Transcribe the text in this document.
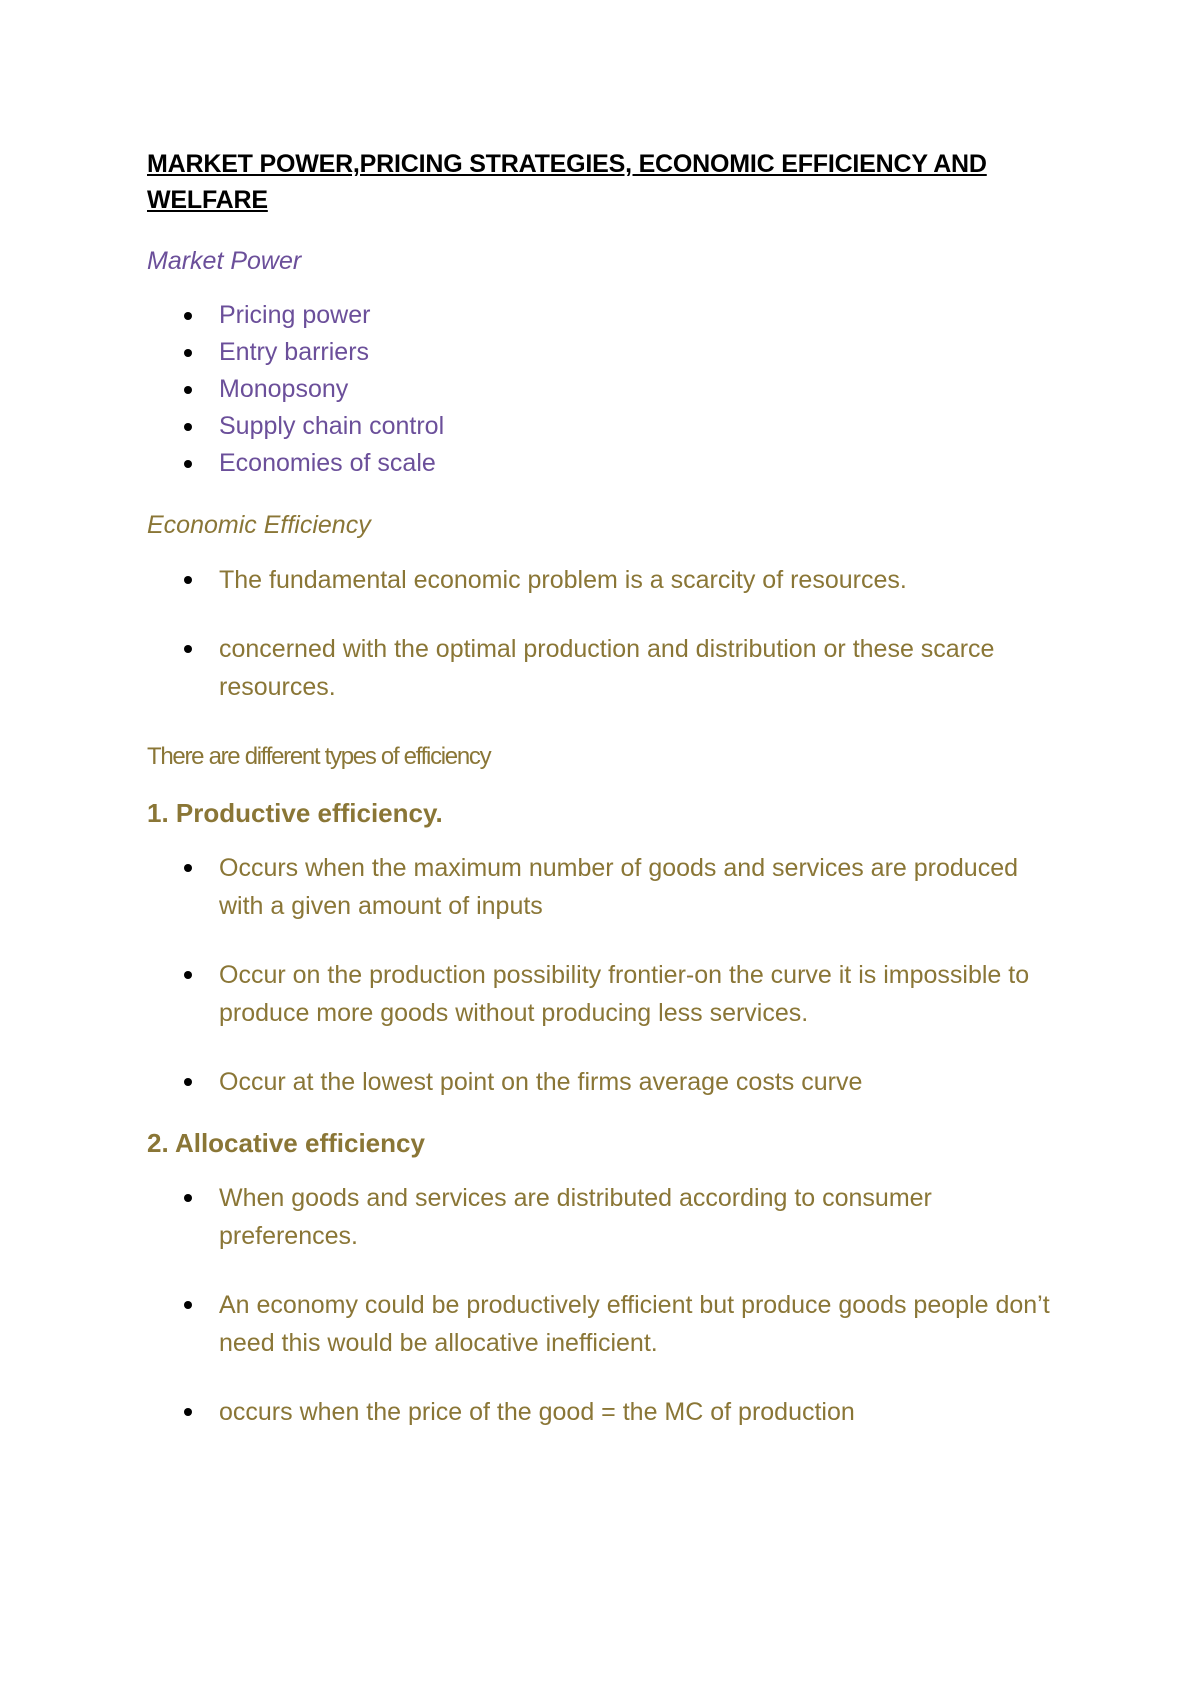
MARKET POWER,PRICING STRATEGIES, ECONOMIC EFFICIENCY AND WELFARE

Market Power

Pricing power
Entry barriers
Monopsony
Supply chain control
Economies of scale

Economic Efficiency

The fundamental economic problem is a scarcity of resources.
concerned with the optimal production and distribution or these scarce resources.

There are different types of efficiency

1. Productive efficiency.

Occurs when the maximum number of goods and services are produced with a given amount of inputs
Occur on the production possibility frontier-on the curve it is impossible to produce more goods without producing less services.
Occur at the lowest point on the firms average costs curve

2. Allocative efficiency

When goods and services are distributed according to consumer preferences.
An economy could be productively efficient but produce goods people don’t need this would be allocative inefficient.
occurs when the price of the good = the MC of production
